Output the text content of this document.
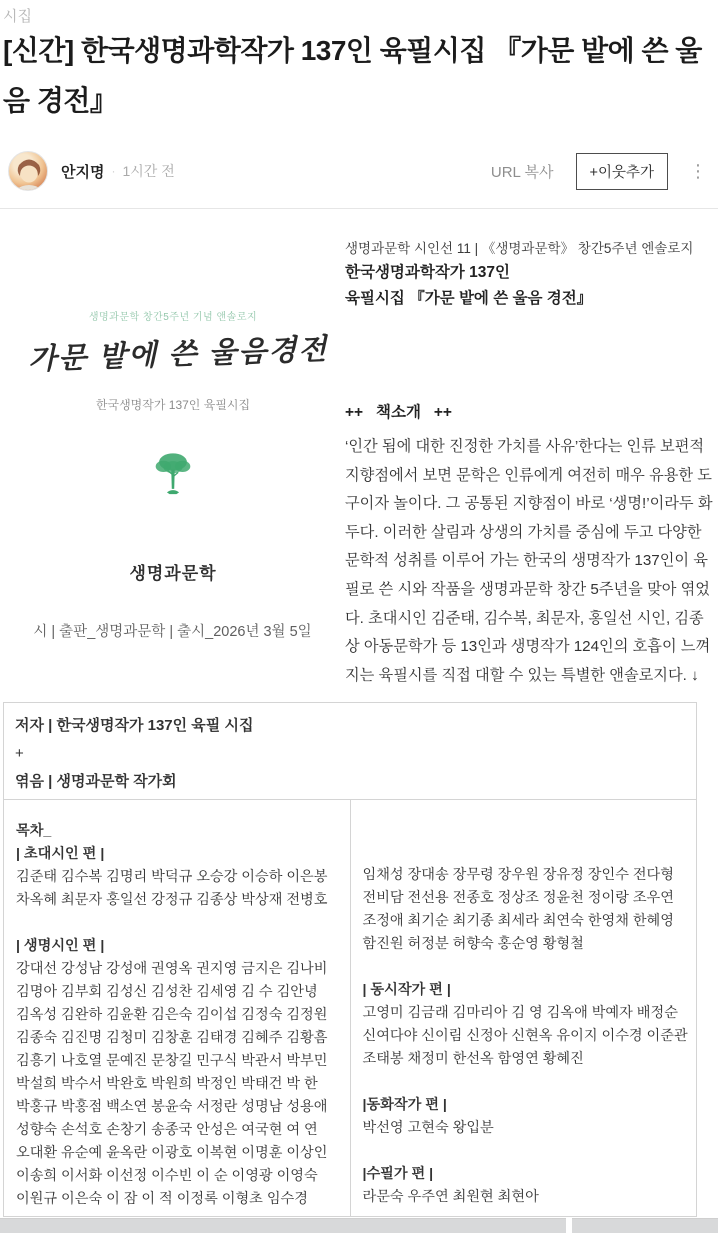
시집
[신간] 한국생명과학작가 137인 육필시집 『가문 밭에 쓴 울음 경전』
안지명 · 1시간 전	URL 복사	+이웃추가	⋮
생명과문학 창간5주년 기념 앤솔로지
가문 밭에 쓴 울음경전
한국생명작가 137인 육필시집
생명과문학
시 | 출판_생명과문학 | 출시_2026년 3월 5일
생명과문학 시인선 11 | 《생명과문학》 창간5주년 엔솔로지
한국생명과학작가 137인
육필시집 『가문 밭에 쓴 울음 경전』
++   책소개   ++
‘인간 됨에 대한 진정한 가치를 사유’한다는 인류 보편적 지향점에서 보면 문학은 인류에게 여전히 매우 유용한 도구이자 놀이다. 그 공통된 지향점이 바로 ‘생명!’이라두 화두다. 이러한 살림과 상생의 가치를 중심에 두고 다양한 문학적 성취를 이루어 가는 한국의 생명작가 137인이 육필로 쓴 시와 작품을 생명과문학 창간 5주년을 맞아 엮었다. 초대시인 김준태, 김수복, 최문자, 홍일선 시인, 김종상 아동문학가 등 13인과 생명작가 124인의 호흡이 느껴지는 육필시를 직접 대할 수 있는 특별한 앤솔로지다. ↓
저자 | 한국생명작가 137인 육필 시집
+
엮음 | 생명과문학 작가회

목차_
| 초대시인 편 |
김준태 김수복 김명리 박덕규 오승강 이승하 이은봉
차옥혜 최문자 홍일선 강정규 김종상 박상재 전병호
| 생명시인 편 |
강대선 강성남 강성애 권영옥 권지영 금지은 김나비
김명아 김부회 김성신 김성찬 김세영 김 수 김안녕
김옥성 김완하 김윤환 김은숙 김이섭 김정숙 김정원
김종숙 김진명 김청미 김창훈 김태경 김혜주 김황흠
김흥기 나호열 문예진 문창길 민구식 박관서 박부민
박설희 박수서 박완호 박원희 박정인 박태건 박 한
박홍규 박홍점 백소연 봉윤숙 서정란 성명남 성용애
성향숙 손석호 손창기 송종국 안성은 여국현 여 연
오대환 유순예 윤옥란 이광호 이복현 이명훈 이상인
이송희 이서화 이선정 이수빈 이 순 이영광 이영숙
이원규 이은숙 이 잠 이 적 이정록 이형초 임수경

임채성 장대송 장무령 장우원 장유정 장인수 전다형
전비담 전선용 전종호 정상조 정윤천 정이랑 조우연
조정애 최기순 최기종 최세라 최연숙 한영채 한혜영
함진원 허정분 허향숙 홍순영 황형철
| 동시작가 편 |
고영미 김금래 김마리아 김 영 김옥애 박예자 배정순
신여다야 신이림 신정아 신현옥 유이지 이수경 이준관
조태봉 채정미 한선옥 함영연 황혜진
|동화작가 편 |
박선영 고현숙 왕입분
|수필가 편 |
라문숙 우주연 최원현 최현아
